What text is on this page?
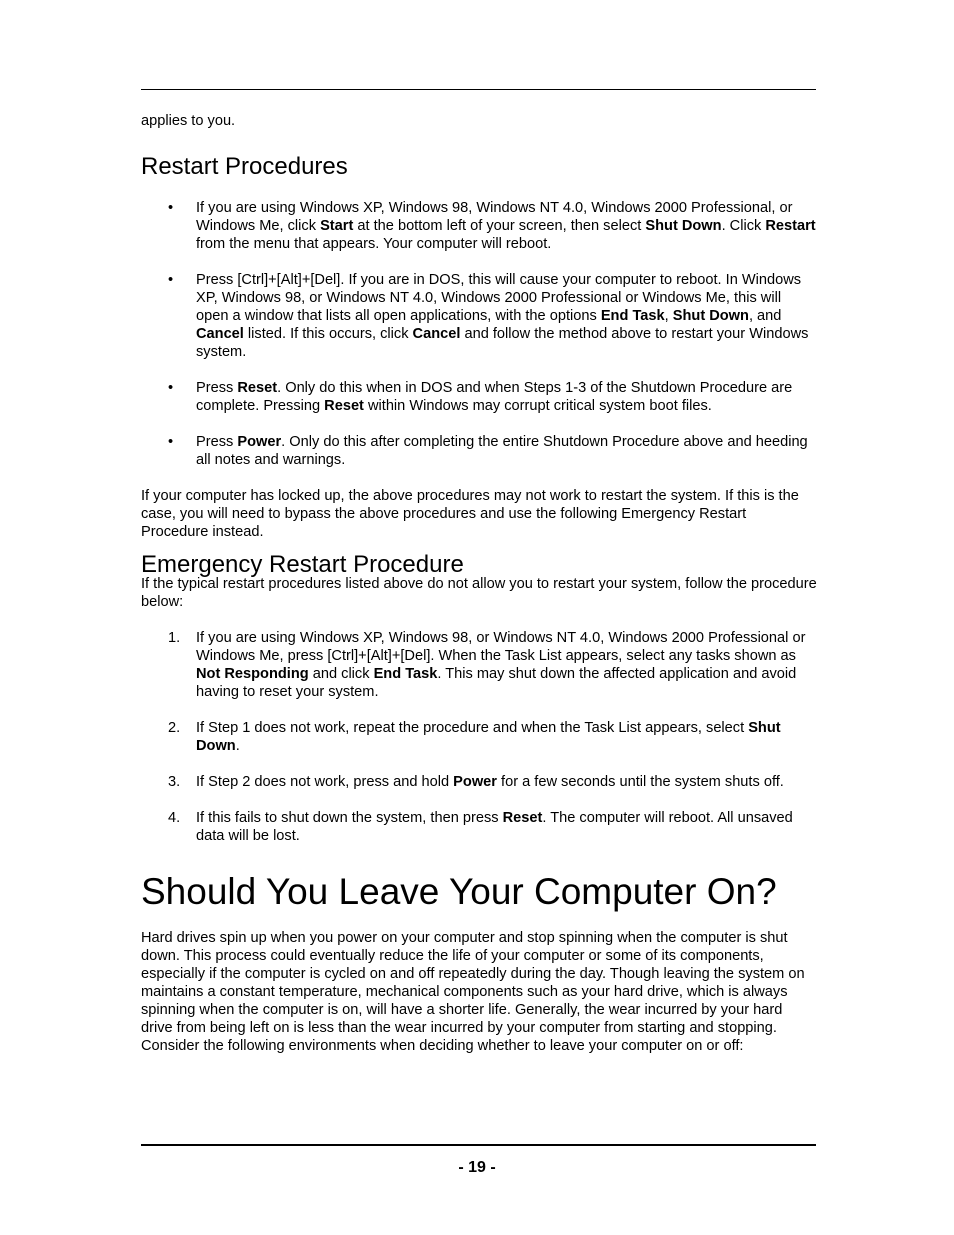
applies to you.

Restart Procedures
• If you are using Windows XP, Windows 98, Windows NT 4.0, Windows 2000 Professional, or Windows Me, click Start at the bottom left of your screen, then select Shut Down. Click Restart from the menu that appears. Your computer will reboot.
• Press [Ctrl]+[Alt]+[Del]. If you are in DOS, this will cause your computer to reboot. In Windows XP, Windows 98, or Windows NT 4.0, Windows 2000 Professional or Windows Me, this will open a window that lists all open applications, with the options End Task, Shut Down, and Cancel listed. If this occurs, click Cancel and follow the method above to restart your Windows system.
• Press Reset. Only do this when in DOS and when Steps 1-3 of the Shutdown Procedure are complete. Pressing Reset within Windows may corrupt critical system boot files.
• Press Power. Only do this after completing the entire Shutdown Procedure above and heeding all notes and warnings.

If your computer has locked up, the above procedures may not work to restart the system. If this is the case, you will need to bypass the above procedures and use the following Emergency Restart Procedure instead.

Emergency Restart Procedure

If the typical restart procedures listed above do not allow you to restart your system, follow the procedure below:

1. If you are using Windows XP, Windows 98, or Windows NT 4.0, Windows 2000 Professional or Windows Me, press [Ctrl]+[Alt]+[Del]. When the Task List appears, select any tasks shown as Not Responding and click End Task. This may shut down the affected application and avoid having to reset your system.
2. If Step 1 does not work, repeat the procedure and when the Task List appears, select Shut Down.
3. If Step 2 does not work, press and hold Power for a few seconds until the system shuts off.
4. If this fails to shut down the system, then press Reset. The computer will reboot. All unsaved data will be lost.
Should You Leave Your Computer On?

Hard drives spin up when you power on your computer and stop spinning when the computer is shut down. This process could eventually reduce the life of your computer or some of its components, especially if the computer is cycled on and off repeatedly during the day. Though leaving the system on maintains a constant temperature, mechanical components such as your hard drive, which is always spinning when the computer is on, will have a shorter life. Generally, the wear incurred by your hard drive from being left on is less than the wear incurred by your computer from starting and stopping. Consider the following environments when deciding whether to leave your computer on or off:

- 19 -
